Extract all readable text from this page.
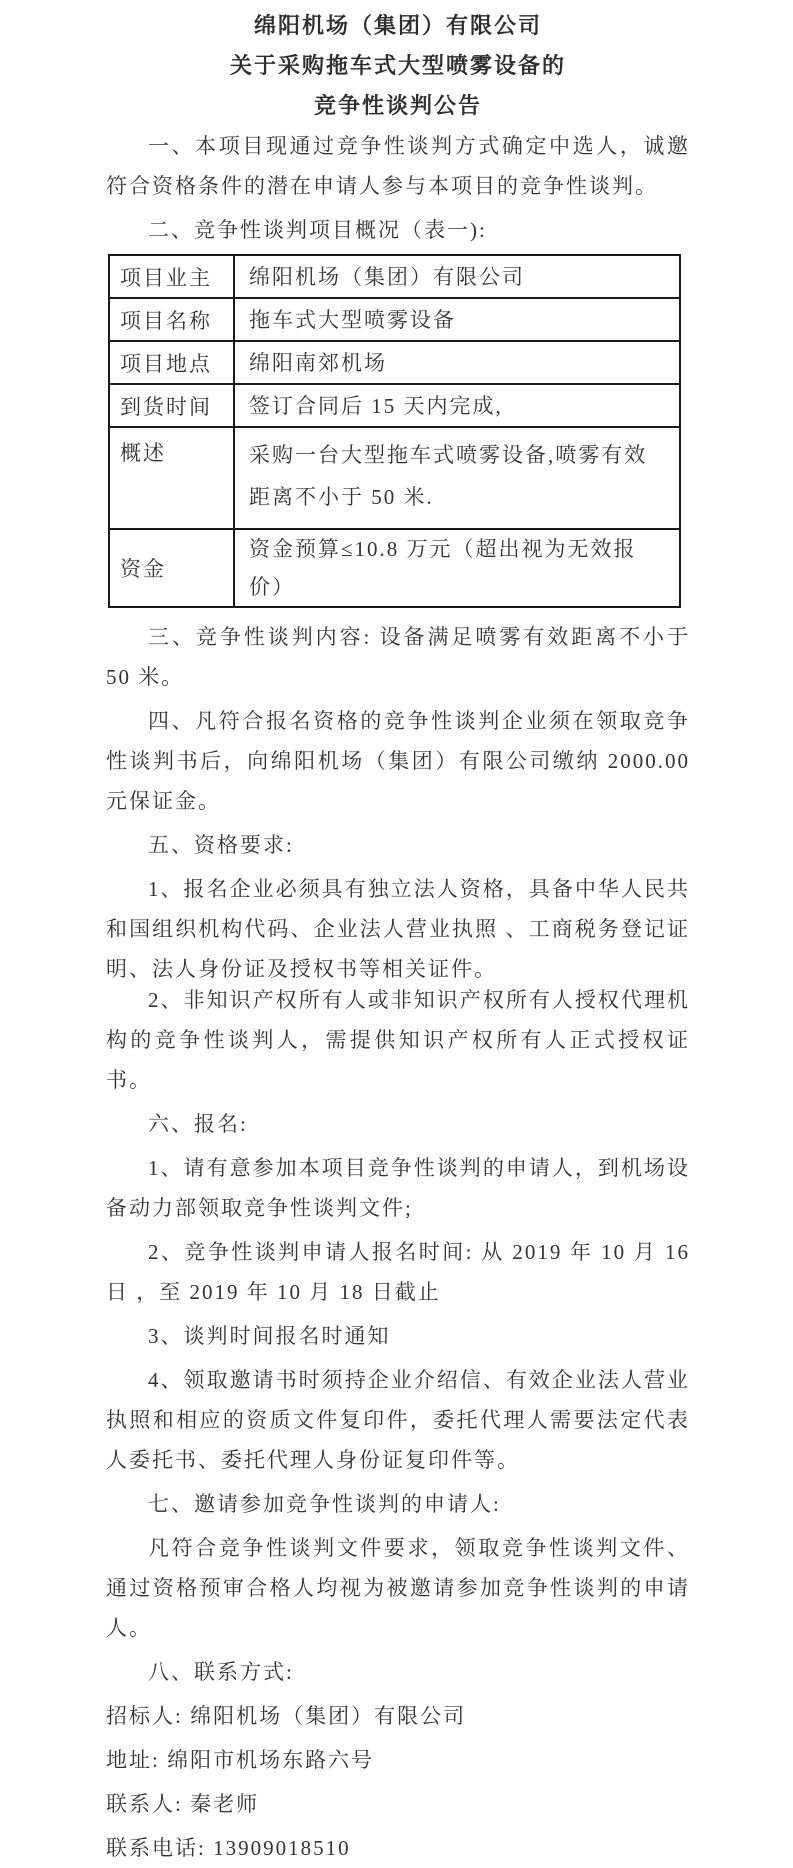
绵阳机场（集团）有限公司
关于采购拖车式大型喷雾设备的
竞争性谈判公告

一、本项目现通过竞争性谈判方式确定中选人，诚邀符合资格条件的潜在申请人参与本项目的竞争性谈判。

二、竞争性谈判项目概况（表一):

项目业主	绵阳机场（集团）有限公司
项目名称	拖车式大型喷雾设备
项目地点	绵阳南郊机场
到货时间	签订合同后 15 天内完成,
概述	采购一台大型拖车式喷雾设备,喷雾有效距离不小于 50 米.
资金	资金预算≤10.8 万元（超出视为无效报价）

三、竞争性谈判内容: 设备满足喷雾有效距离不小于 50 米。

四、凡符合报名资格的竞争性谈判企业须在领取竞争性谈判书后，向绵阳机场（集团）有限公司缴纳 2000.00 元保证金。

五、资格要求:

1、报名企业必须具有独立法人资格，具备中华人民共和国组织机构代码、企业法人营业执照 、工商税务登记证明、法人身份证及授权书等相关证件。

2、非知识产权所有人或非知识产权所有人授权代理机构的竞争性谈判人，需提供知识产权所有人正式授权证书。

六、报名:

1、请有意参加本项目竞争性谈判的申请人，到机场设备动力部领取竞争性谈判文件;

2、竞争性谈判申请人报名时间: 从 2019 年 10 月 16 日 ，至 2019 年 10 月 18 日截止

3、谈判时间报名时通知

4、领取邀请书时须持企业介绍信、有效企业法人营业执照和相应的资质文件复印件，委托代理人需要法定代表人委托书、委托代理人身份证复印件等。

七、邀请参加竞争性谈判的申请人:

凡符合竞争性谈判文件要求，领取竞争性谈判文件、通过资格预审合格人均视为被邀请参加竞争性谈判的申请人。

八、联系方式:

招标人: 绵阳机场（集团）有限公司

地址: 绵阳市机场东路六号

联系人: 秦老师

联系电话: 13909018510
